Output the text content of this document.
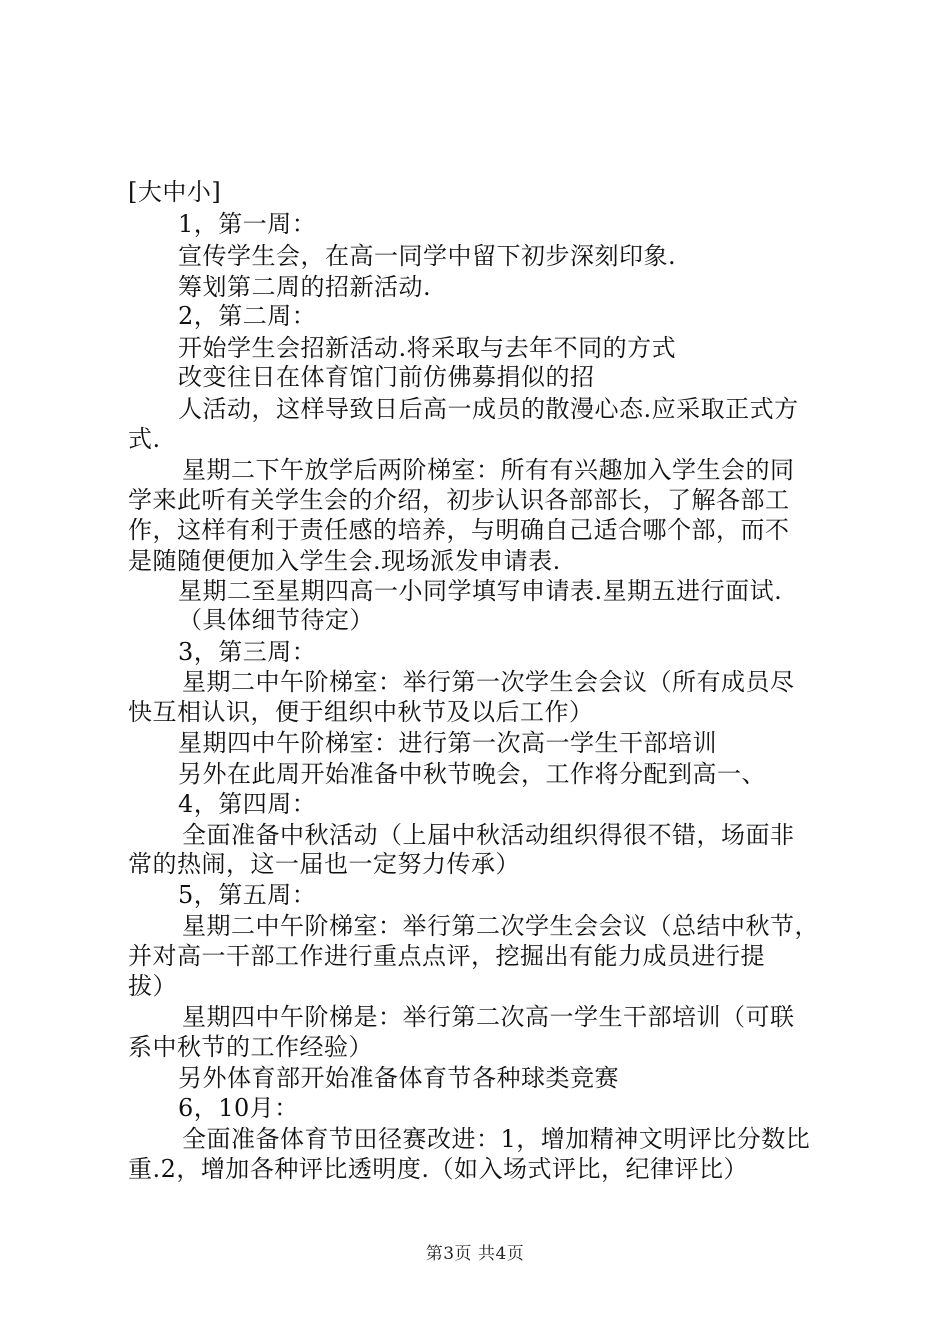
[大中小]
1，第一周：
宣传学生会，在高一同学中留下初步深刻印象.
筹划第二周的招新活动.
2，第二周：
开始学生会招新活动.将采取与去年不同的方式
改变往日在体育馆门前仿佛募捐似的招
人活动，这样导致日后高一成员的散漫心态.应采取正式方
式.
星期二下午放学后两阶梯室：所有有兴趣加入学生会的同
学来此听有关学生会的介绍，初步认识各部部长，了解各部工
作，这样有利于责任感的培养，与明确自己适合哪个部，而不
是随随便便加入学生会.现场派发申请表.
星期二至星期四高一小同学填写申请表.星期五进行面试.
（具体细节待定）
3，第三周：
星期二中午阶梯室：举行第一次学生会会议（所有成员尽
快互相认识，便于组织中秋节及以后工作）
星期四中午阶梯室：进行第一次高一学生干部培训
另外在此周开始准备中秋节晚会，工作将分配到高一、
4，第四周：
全面准备中秋活动（上届中秋活动组织得很不错，场面非
常的热闹，这一届也一定努力传承）
5，第五周：
星期二中午阶梯室：举行第二次学生会会议（总结中秋节，
并对高一干部工作进行重点点评，挖掘出有能力成员进行提
拔）
星期四中午阶梯是：举行第二次高一学生干部培训（可联
系中秋节的工作经验）
另外体育部开始准备体育节各种球类竞赛
6，10月：
全面准备体育节田径赛改进：1，增加精神文明评比分数比
重.2，增加各种评比透明度.（如入场式评比，纪律评比）
第3页 共4页
